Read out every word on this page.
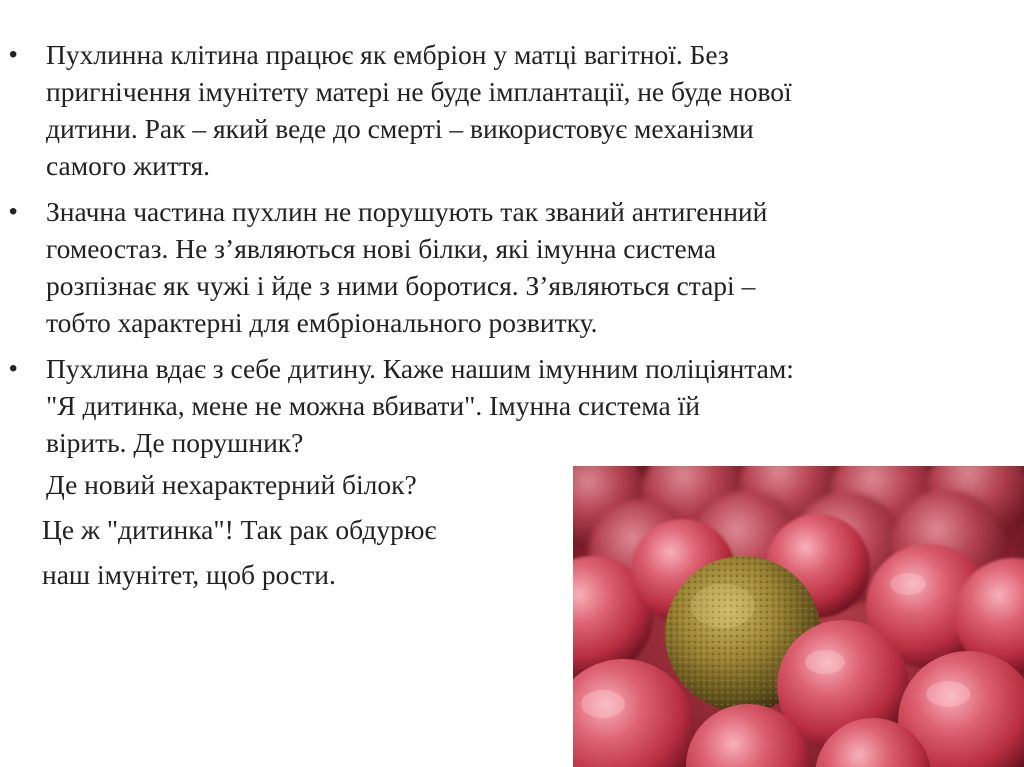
• Пухлинна клітина працює як ембріон у матці вагітної. Без
пригнічення імунітету матері не буде імплантації, не буде нової
дитини. Рак – який веде до смерті – використовує механізми
самого життя.
• Значна частина пухлин не порушують так званий антигенний
гомеостаз. Не з’являються нові білки, які імунна система
розпізнає як чужі і йде з ними боротися. З’являються старі –
тобто характерні для ембріонального розвитку.
• Пухлина вдає з себе дитину. Каже нашим імунним поліціянтам:
"Я дитинка, мене не можна вбивати". Імунна система їй
вірить. Де порушник?
Де новий нехарактерний білок?
Це ж "дитинка"! Так рак обдурює
наш імунітет, щоб рости.
